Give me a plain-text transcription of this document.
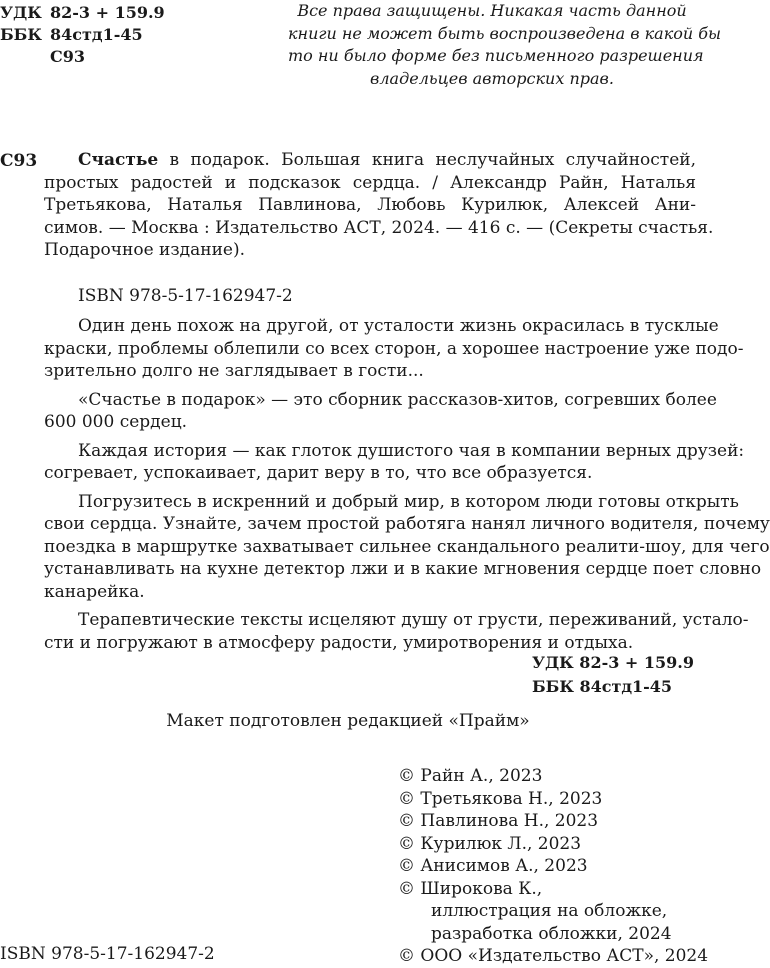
УДК 82-3 + 159.9
ББК 84стд1-45
С93
Все права защищены. Никакая часть данной
книги не может быть воспроизведена в какой бы
то ни было форме без письменного разрешения
владельцев авторских прав.
С93	Счастье в подарок. Большая книга неслучайных случайностей,
простых радостей и подсказок сердца. / Александр Райн, Наталья
Третьякова, Наталья Павлинова, Любовь Курилюк, Алексей Ани-
симов. — Москва : Издательство АСТ, 2024. — 416 с. — (Секреты счастья.
Подарочное издание).
ISBN 978-5-17-162947-2
Один день похож на другой, от усталости жизнь окрасилась в тусклые
краски, проблемы облепили со всех сторон, а хорошее настроение уже подо-
зрительно долго не заглядывает в гости...
«Счастье в подарок» — это сборник рассказов-хитов, согревших более
600 000 сердец.
Каждая история — как глоток душистого чая в компании верных друзей:
согревает, успокаивает, дарит веру в то, что все образуется.
Погрузитесь в искренний и добрый мир, в котором люди готовы открыть
свои сердца. Узнайте, зачем простой работяга нанял личного водителя, почему
поездка в маршрутке захватывает сильнее скандального реалити-шоу, для чего
устанавливать на кухне детектор лжи и в какие мгновения сердце поет словно
канарейка.
Терапевтические тексты исцеляют душу от грусти, переживаний, устало-
сти и погружают в атмосферу радости, умиротворения и отдыха.
УДК 82-3 + 159.9
ББК 84стд1-45
Макет подготовлен редакцией «Прайм»
© Райн А., 2023
© Третьякова Н., 2023
© Павлинова Н., 2023
© Курилюк Л., 2023
© Анисимов А., 2023
© Широкова К.,
иллюстрация на обложке,
разработка обложки, 2024
© ООО «Издательство АСТ», 2024
ISBN 978-5-17-162947-2
